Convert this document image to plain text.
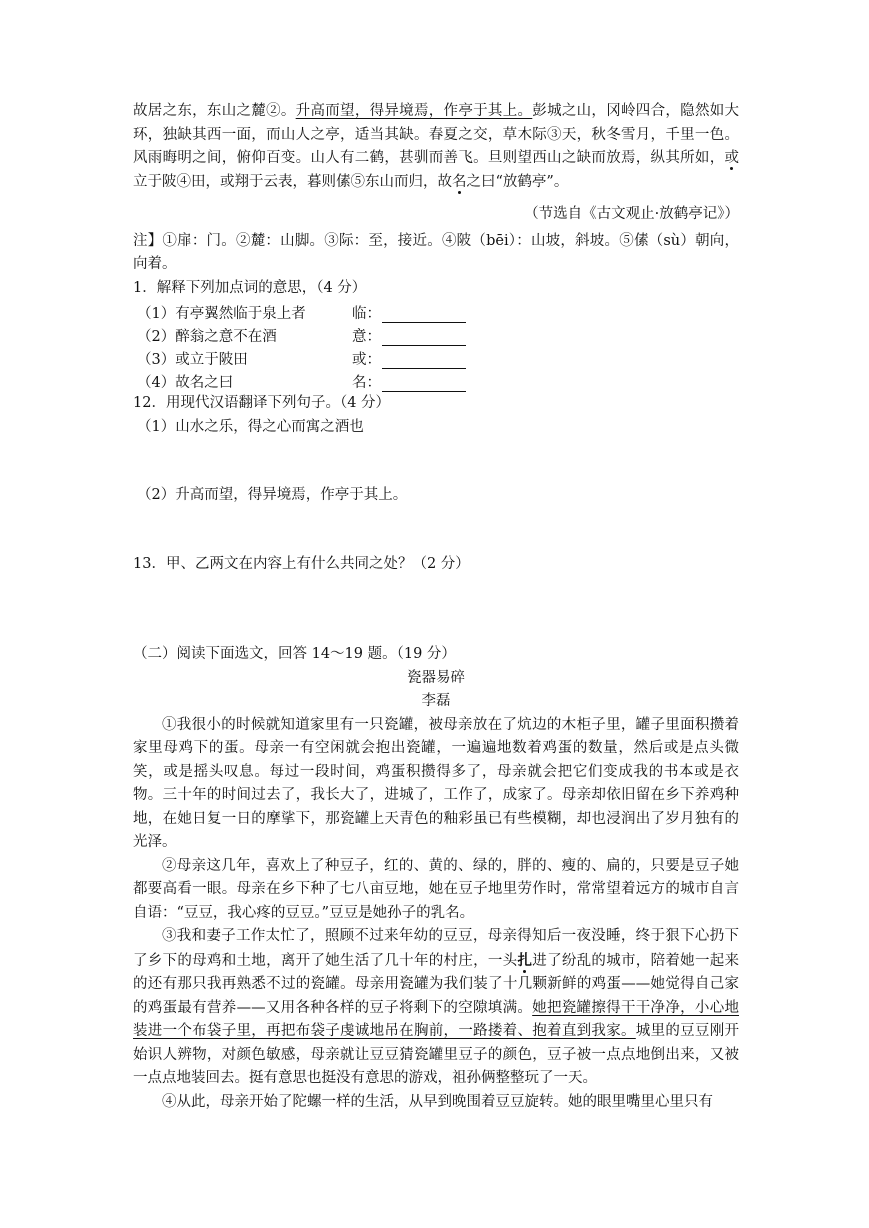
故居之东，东山之麓②。升高而望，得异境焉，作亭于其上。彭城之山，冈岭四合，隐然如大环，独缺其西一面，而山人之亭，适当其缺。春夏之交，草木际③天，秋冬雪月，千里一色。风雨晦明之间，俯仰百变。山人有二鹤，甚驯而善飞。旦则望西山之缺而放焉，纵其所如，或立于陂④田，或翔于云表，暮则傃⑤东山而归，故名之曰“放鹤亭”。

（节选自《古文观止·放鹤亭记》）

注】①扉：门。②麓：山脚。③际：至，接近。④陂（bēi）：山坡，斜坡。⑤傃（sù）朝向，向着。

1．解释下列加点词的意思，（4 分）

（1）有亭翼然临于泉上者	临：
（2）醉翁之意不在酒	意：
（3）或立于陂田	或：
（4）故名之曰	名：

12．用现代汉语翻译下列句子。（4 分）

（1）山水之乐，得之心而寓之酒也

（2）升高而望，得异境焉，作亭于其上。

13．甲、乙两文在内容上有什么共同之处？（2 分）

（二）阅读下面选文，回答 14～19 题。（19 分）

瓷器易碎

李磊

①我很小的时候就知道家里有一只瓷罐，被母亲放在了炕边的木柜子里，罐子里面积攒着家里母鸡下的蛋。母亲一有空闲就会抱出瓷罐，一遍遍地数着鸡蛋的数量，然后或是点头微笑，或是摇头叹息。每过一段时间，鸡蛋积攒得多了，母亲就会把它们变成我的书本或是衣物。三十年的时间过去了，我长大了，进城了，工作了，成家了。母亲却依旧留在乡下养鸡种地，在她日复一日的摩挲下，那瓷罐上天青色的釉彩虽已有些模糊，却也浸润出了岁月独有的光泽。

②母亲这几年，喜欢上了种豆子，红的、黄的、绿的，胖的、瘦的、扁的，只要是豆子她都要高看一眼。母亲在乡下种了七八亩豆地，她在豆子地里劳作时，常常望着远方的城市自言自语：“豆豆，我心疼的豆豆。”豆豆是她孙子的乳名。

③我和妻子工作太忙了，照顾不过来年幼的豆豆，母亲得知后一夜没睡，终于狠下心扔下了乡下的母鸡和土地，离开了她生活了几十年的村庄，一头扎进了纷乱的城市，陪着她一起来的还有那只我再熟悉不过的瓷罐。母亲用瓷罐为我们装了十几颗新鲜的鸡蛋——她觉得自己家的鸡蛋最有营养——又用各种各样的豆子将剩下的空隙填满。她把瓷罐擦得干干净净，小心地装进一个布袋子里，再把布袋子虔诚地吊在胸前，一路搂着、抱着直到我家。城里的豆豆刚开始识人辨物，对颜色敏感，母亲就让豆豆猜瓷罐里豆子的颜色，豆子被一点点地倒出来，又被一点点地装回去。挺有意思也挺没有意思的游戏，祖孙俩整整玩了一天。

④从此，母亲开始了陀螺一样的生活，从早到晚围着豆豆旋转。她的眼里嘴里心里只有
